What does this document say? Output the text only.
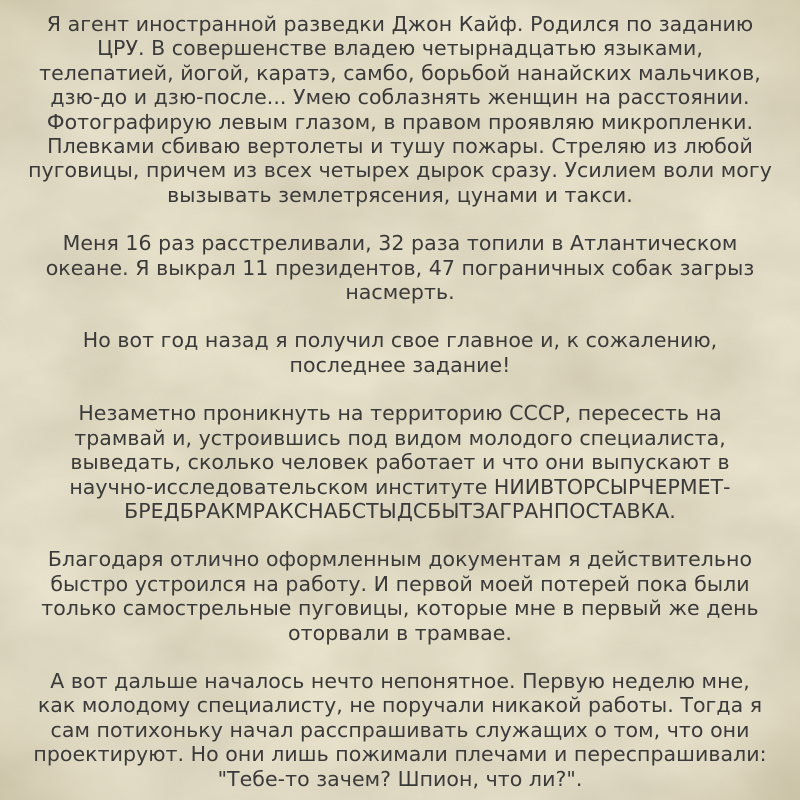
Я агент иностранной разведки Джон Кайф. Родился по заданию
ЦРУ. В совершенстве владею четырнадцатью языками,
телепатией, йогой, каратэ, самбо, борьбой нанайских мальчиков,
дзю-до и дзю-после... Умею соблазнять женщин на расстоянии.
Фотографирую левым глазом, в правом проявляю микропленки.
Плевками сбиваю вертолеты и тушу пожары. Стреляю из любой
пуговицы, причем из всех четырех дырок сразу. Усилием воли могу
вызывать землетрясения, цунами и такси.

Меня 16 раз расстреливали, 32 раза топили в Атлантическом
океане. Я выкрал 11 президентов, 47 пограничных собак загрыз
насмерть.

Но вот год назад я получил свое главное и, к сожалению,
последнее задание!

Незаметно проникнуть на территорию СССР, пересесть на
трамвай и, устроившись под видом молодого специалиста,
выведать, сколько человек работает и что они выпускают в
научно-исследовательском институте НИИВТОРСЫРЧЕРМЕТ-
БРЕДБРАКМРАКСНАБСТЫДСБЫТЗАГРАНПОСТАВКА.

Благодаря отлично оформленным документам я действительно
быстро устроился на работу. И первой моей потерей пока были
только самострельные пуговицы, которые мне в первый же день
оторвали в трамвае.

А вот дальше началось нечто непонятное. Первую неделю мне,
как молодому специалисту, не поручали никакой работы. Тогда я
сам потихоньку начал расспрашивать служащих о том, что они
проектируют. Но они лишь пожимали плечами и переспрашивали:
"Тебе-то зачем? Шпион, что ли?".
